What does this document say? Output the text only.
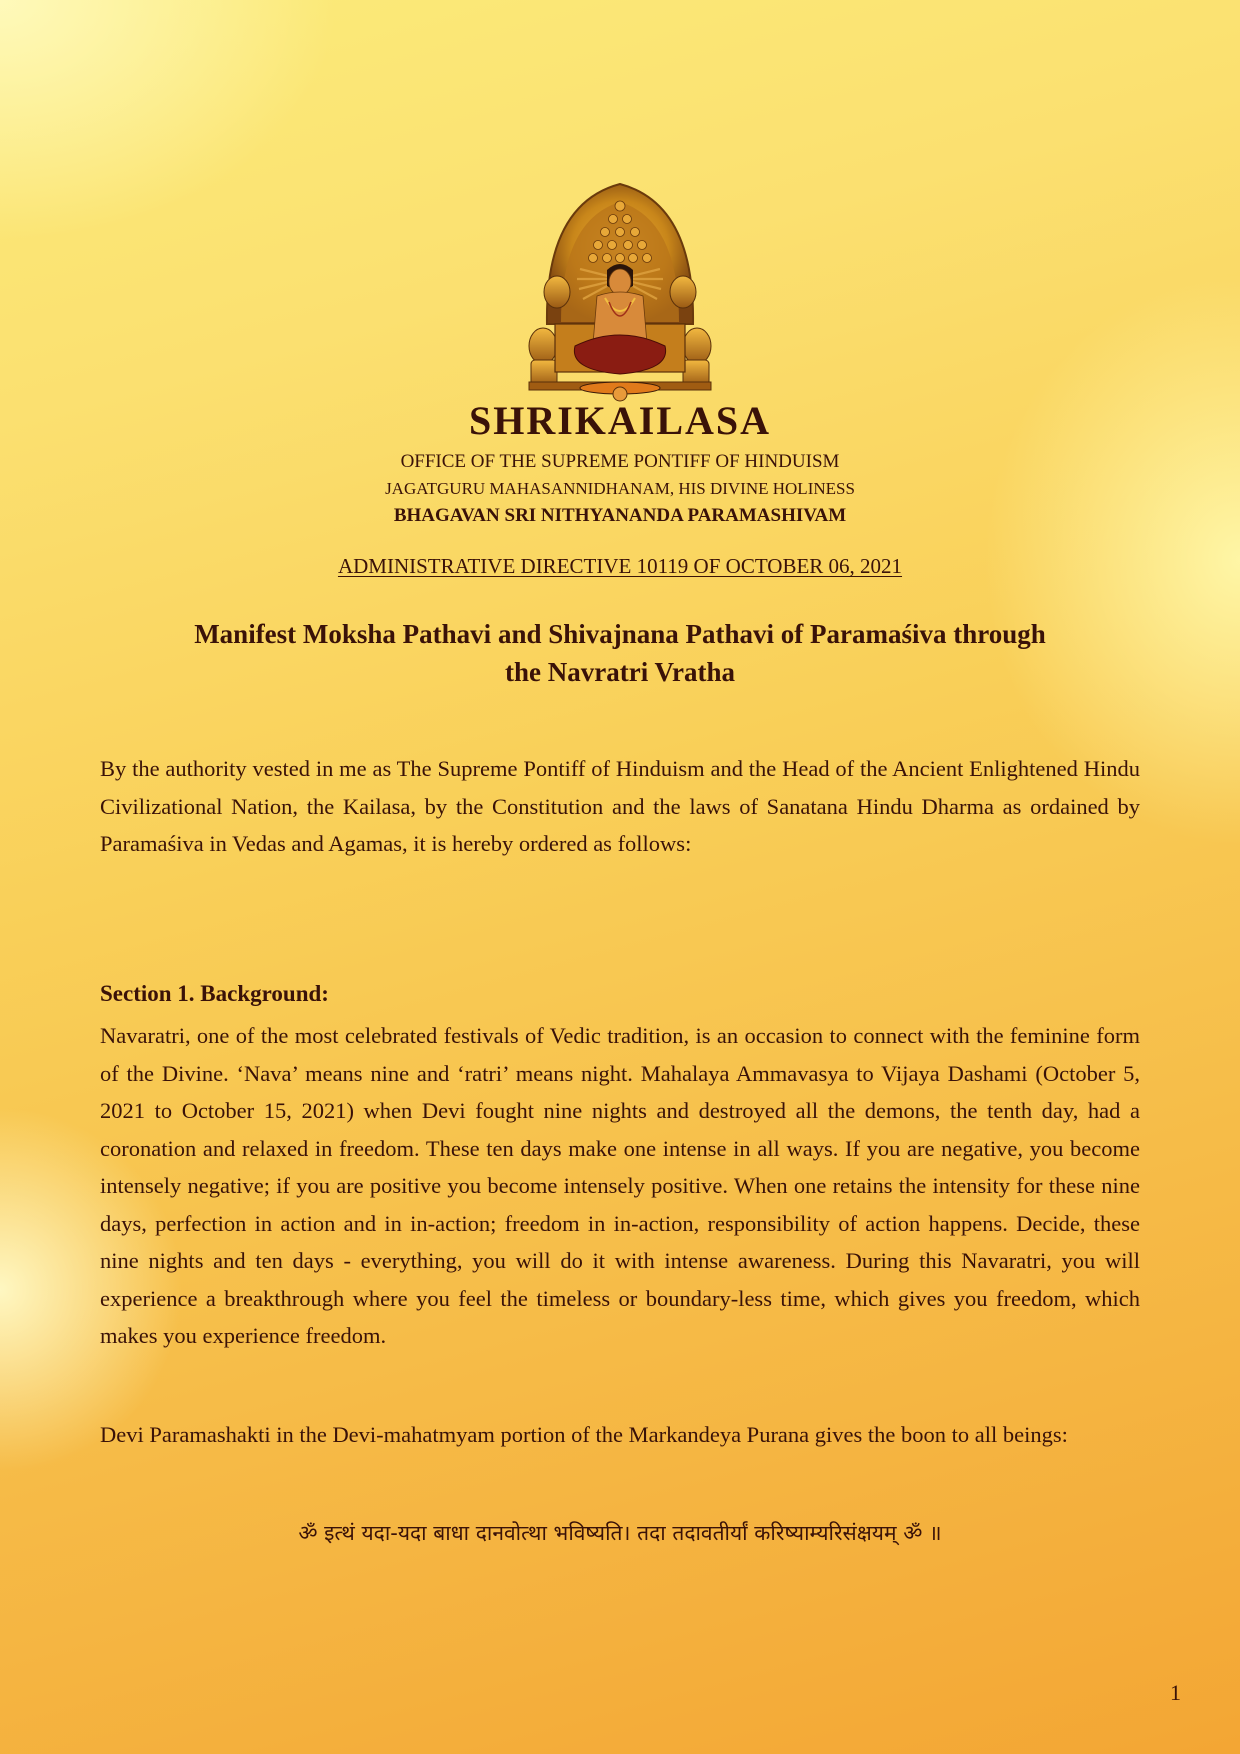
SHRIKAILASA
OFFICE OF THE SUPREME PONTIFF OF HINDUISM
JAGATGURU MAHASANNIDHANAM, HIS DIVINE HOLINESS
BHAGAVAN SRI NITHYANANDA PARAMASHIVAM
ADMINISTRATIVE DIRECTIVE 10119 OF OCTOBER 06, 2021
Manifest Moksha Pathavi and Shivajnana Pathavi of Paramaśiva through
the Navratri Vratha

By the authority vested in me as The Supreme Pontiff of Hinduism and the Head of the Ancient Enlightened Hindu Civilizational Nation, the Kailasa, by the Constitution and the laws of Sanatana Hindu Dharma as ordained by Paramaśiva in Vedas and Agamas, it is hereby ordered as follows:

Section 1. Background:

Navaratri, one of the most celebrated festivals of Vedic tradition, is an occasion to connect with the feminine form of the Divine. ‘Nava’ means nine and ‘ratri’ means night. Mahalaya Ammavasya to Vijaya Dashami (October 5, 2021 to October 15, 2021) when Devi fought nine nights and destroyed all the demons, the tenth day, had a coronation and relaxed in freedom. These ten days make one intense in all ways. If you are negative, you become intensely negative; if you are positive you become intensely positive. When one retains the intensity for these nine days, perfection in action and in in-action; freedom in in-action, responsibility of action happens. Decide, these nine nights and ten days - everything, you will do it with intense awareness. During this Navaratri, you will experience a breakthrough where you feel the timeless or boundary-less time, which gives you freedom, which makes you experience freedom.

Devi Paramashakti in the Devi-mahatmyam portion of the Markandeya Purana gives the boon to all beings:

ॐ इत्थं यदा-यदा बाधा दानवोत्था भविष्यति। तदा तदावतीर्यां करिष्याम्यरिसंक्षयम् ॐ ॥
1
